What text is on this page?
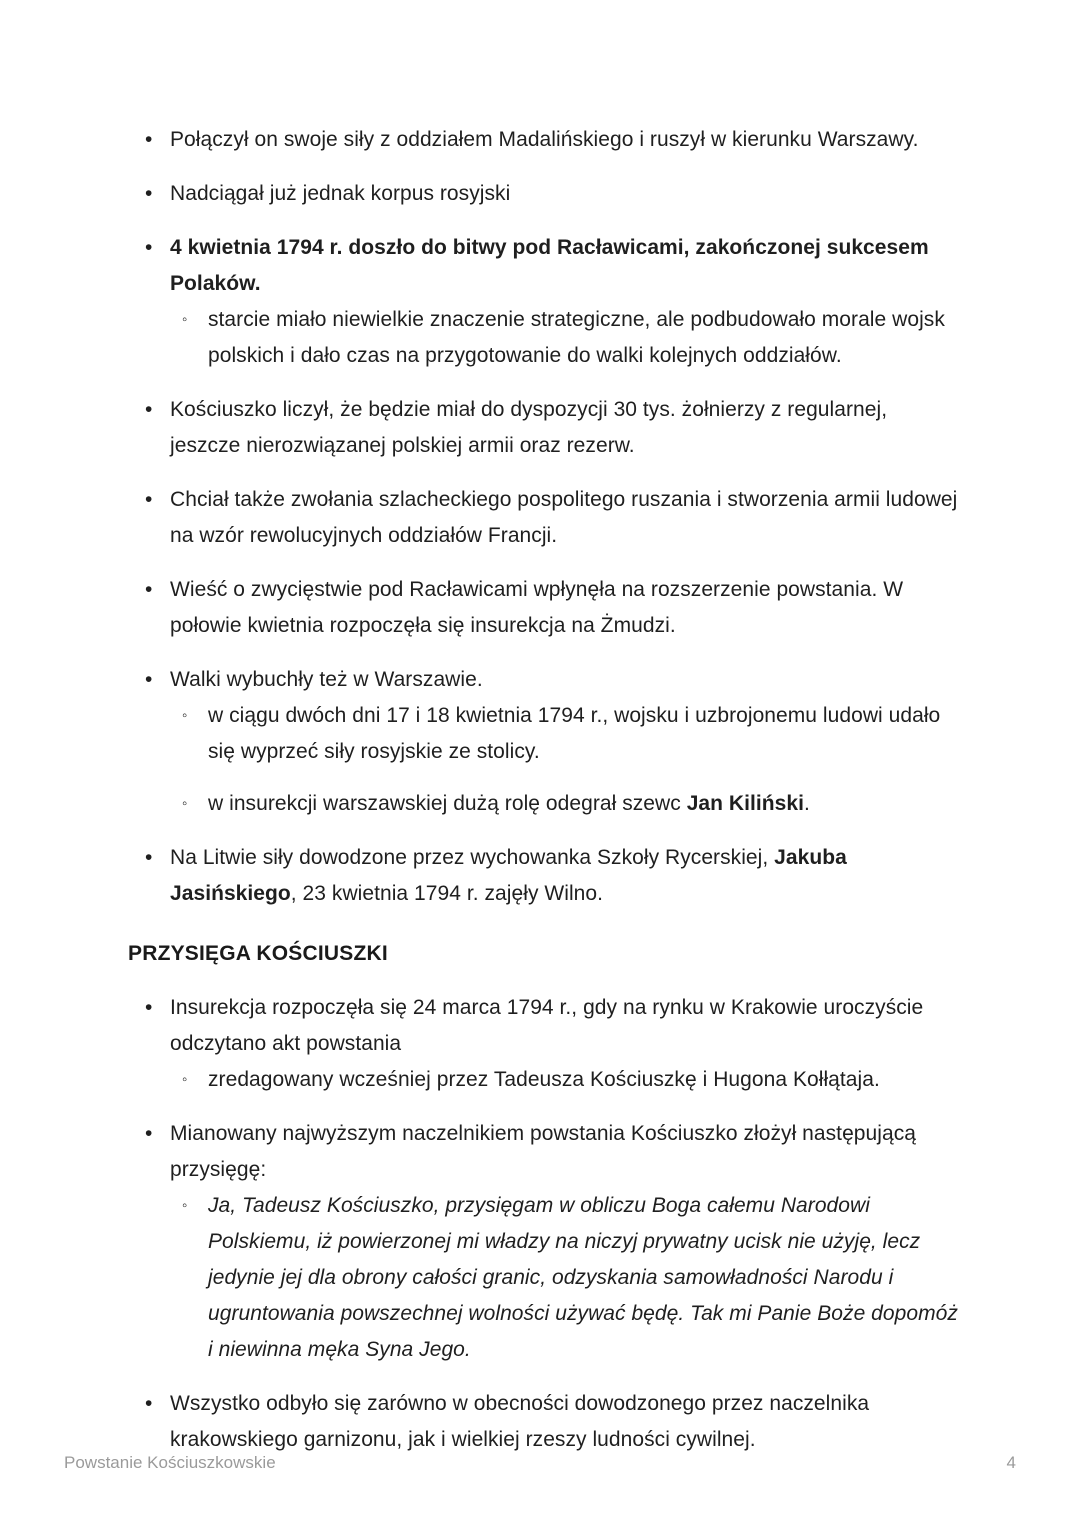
• Połączył on swoje siły z oddziałem Madalińskiego i ruszył w kierunku Warszawy.
• Nadciągał już jednak korpus rosyjski
• 4 kwietnia 1794 r. doszło do bitwy pod Racławicami, zakończonej sukcesem Polaków.
◦ starcie miało niewielkie znaczenie strategiczne, ale podbudowało morale wojsk polskich i dało czas na przygotowanie do walki kolejnych oddziałów.
• Kościuszko liczył, że będzie miał do dyspozycji 30 tys. żołnierzy z regularnej, jeszcze nierozwiązanej polskiej armii oraz rezerw.
• Chciał także zwołania szlacheckiego pospolitego ruszania i stworzenia armii ludowej na wzór rewolucyjnych oddziałów Francji.
• Wieść o zwycięstwie pod Racławicami wpłynęła na rozszerzenie powstania. W połowie kwietnia rozpoczęła się insurekcja na Żmudzi.
• Walki wybuchły też w Warszawie.
◦ w ciągu dwóch dni 17 i 18 kwietnia 1794 r., wojsku i uzbrojonemu ludowi udało się wyprzeć siły rosyjskie ze stolicy.
◦ w insurekcji warszawskiej dużą rolę odegrał szewc Jan Kiliński.
• Na Litwie siły dowodzone przez wychowanka Szkoły Rycerskiej, Jakuba Jasińskiego, 23 kwietnia 1794 r. zajęły Wilno.
PRZYSIĘGA KOŚCIUSZKI
• Insurekcja rozpoczęła się 24 marca 1794 r., gdy na rynku w Krakowie uroczyście odczytano akt powstania
◦ zredagowany wcześniej przez Tadeusza Kościuszkę i Hugona Kołłątaja.
• Mianowany najwyższym naczelnikiem powstania Kościuszko złożył następującą przysięgę:
◦ Ja, Tadeusz Kościuszko, przysięgam w obliczu Boga całemu Narodowi Polskiemu, iż powierzonej mi władzy na niczyj prywatny ucisk nie użyję, lecz jedynie jej dla obrony całości granic, odzyskania samowładności Narodu i ugruntowania powszechnej wolności używać będę. Tak mi Panie Boże dopomóż i niewinna męka Syna Jego.
• Wszystko odbyło się zarówno w obecności dowodzonego przez naczelnika krakowskiego garnizonu, jak i wielkiej rzeszy ludności cywilnej.
Powstanie Kościuszkowskie	4
